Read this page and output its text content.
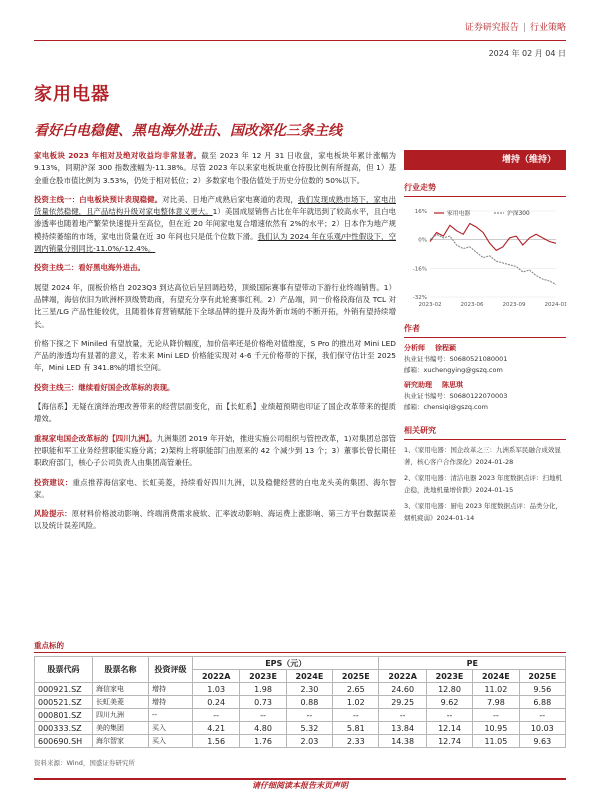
证券研究报告 | 行业策略
2024 年 02 月 04 日
家用电器
看好白电稳健、黑电海外进击、国改深化三条主线

家电板块 2023 年相对及绝对收益均非常显著。截至 2023 年 12 月 31 日收盘，家电板块年累计涨幅为 9.13%，同期沪深 300 指数涨幅为-11.38%。尽管 2023 年以来家电板块重仓持股比例有所提高，但 1）基金重仓股市值比例为 3.53%，仍处于相对低位；2）多数家电个股估值处于历史分位数的 50%以下。

投资主线一：白电板块预计表现稳健。对比美、日地产成熟后家电赛道的表现，我们发现成熟市场下，家电出货量依然稳健，且产品结构升级对家电整体意义更大。1）美国成屋销售占比在年年就迅到了较高水平，且白电渗透率也随着地产繁荣快速提升至高位，但在近 20 年间家电复合增速依然有 2%的水平；2）日本作为地产规模持续萎缩的市场，家电出货量在近 30 年间也只是低个位数下滑。我们认为 2024 年在乐观/中性假设下，空调内销量分别同比-11.0%/-12.4%。

投资主线二：看好黑电海外进击。

展望 2024 年，面板价格自 2023Q3 到达高位后呈回调趋势，顶級国际赛事有望带动下游行业终端销售。1）品牌端，海信依旧为欧洲杯顶级赞助商，有望充分享有此轮赛事红利。2）产品端，同一价格段海信及 TCL 对比三星/LG 产品性能较优，且随着体育营销赋能下全球品牌的提升及海外新市场的不断开拓，外销有望持续增长。

价格下探之下 Miniled 有望放量，无论从降价幅度，加价倍率还是价格绝对值维度，S Pro 的推出对 Mini LED 产品的渗透均有显著的意义，若未来 Mini LED 价格能实现对 4-6 千元价格带的下探，我们保守估计至 2025 年，Mini LED 有 341.8%的增长空间。

投资主线三：继续看好国企改革标的表现。

【海信系】无疑在演绎治理改善带来的经营层面变化，而【长虹系】业绩超预期也印证了国企改革带来的提质增效。

重视家电国企改革标的【四川九洲】。九洲集团 2019 年开始，推进实施公司组织与管控改革，1)对集团总部管控职能和军工业务经营职能实施分离；2)架构上将职能部门由原来的 42 个减少到 13 个；3）董事长曾长期任职政府部门，核心子公司负责人由集团高管兼任。

投资建议：重点推荐海信家电、长虹美菱，持续看好四川九洲，以及稳健经营的白电龙头美的集团、海尔智家。

风险提示：原材料价格波动影响、终端消费需求疲软、汇率波动影响、海运费上涨影响、第三方平台数据误差以及统计误差风险。

增持（维持）
行业走势
16%
0%
-16%
-32%
2023-02	2023-06	2023-09	2024-01
家用电器	沪深300
作者
分析师 徐程颖
执业证书编号：S0680521080001
邮箱：xuchengying@gszq.com
研究助理 陈思琪
执业证书编号：S0680122070003
邮箱：chensiqi@gszq.com
相关研究
1、《家用电器：国企改革之三：九洲系军民融合成效显著，核心客户合作深化》2024-01-28
2、《家用电器：清洁电器 2023 年度数据点评：扫地机企稳，洗地机量增价跌》2024-01-15
3、《家用电器：厨电 2023 年度数据点评：品类分化，烟机疲弱》2024-01-14
重点标的
股票代码	股票名称	投资评级	EPS（元）				PE			
			2022A	2023E	2024E	2025E	2022A	2023E	2024E	2025E
000921.SZ	海信家电	增持	1.03	1.98	2.30	2.65	24.60	12.80	11.02	9.56
000521.SZ	长虹美菱	增持	0.24	0.73	0.88	1.02	29.25	9.62	7.98	6.88
000801.SZ	四川九洲	--	--	--	--	--	--	--	--	--
000333.SZ	美的集团	买入	4.21	4.80	5.32	5.81	13.84	12.14	10.95	10.03
600690.SH	海尔智家	买入	1.56	1.76	2.03	2.33	14.38	12.74	11.05	9.63
资料来源：Wind，国盛证券研究所
请仔细阅读本报告末页声明
